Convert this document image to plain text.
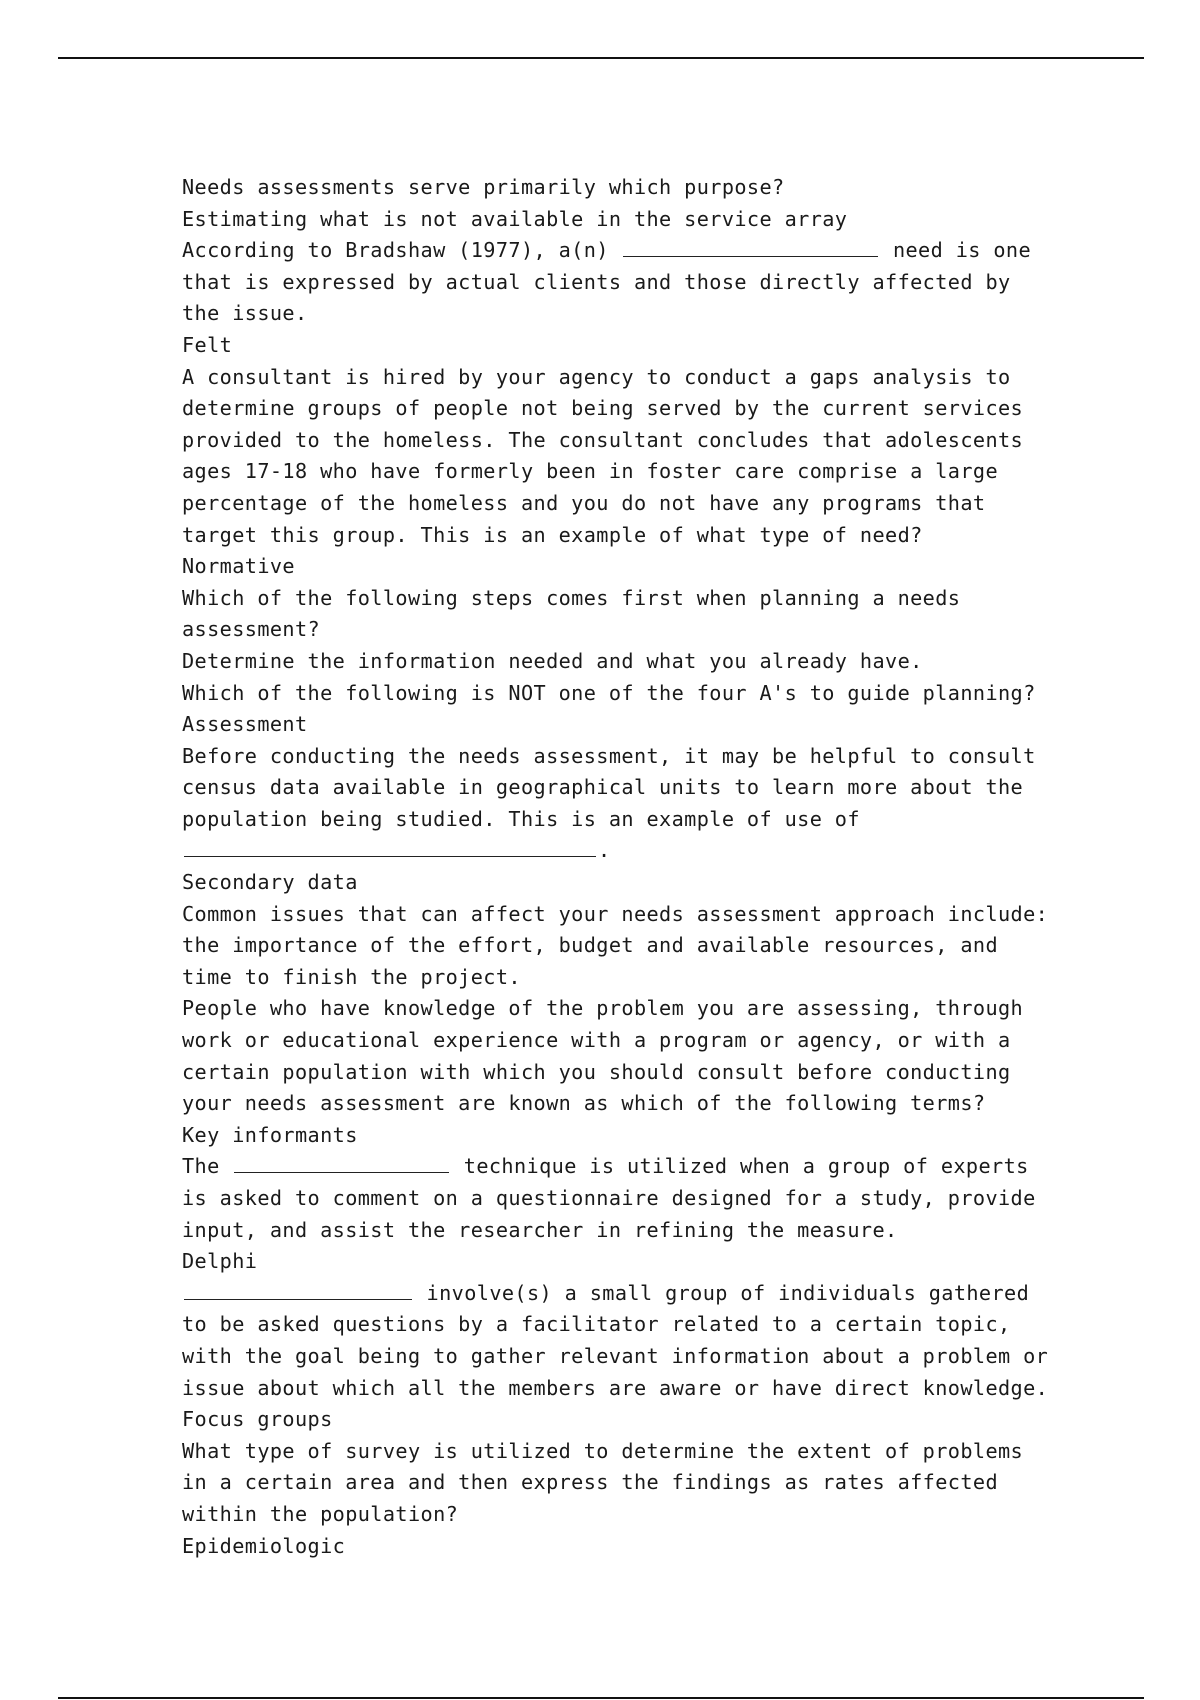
Needs assessments serve primarily which purpose?
Estimating what is not available in the service array
According to Bradshaw (1977), a(n)	need is one
that is expressed by actual clients and those directly affected by
the issue.
Felt
A consultant is hired by your agency to conduct a gaps analysis to
determine groups of people not being served by the current services
provided to the homeless. The consultant concludes that adolescents
ages 17-18 who have formerly been in foster care comprise a large
percentage of the homeless and you do not have any programs that
target this group. This is an example of what type of need?
Normative
Which of the following steps comes first when planning a needs
assessment?
Determine the information needed and what you already have.
Which of the following is NOT one of the four A's to guide planning?
Assessment
Before conducting the needs assessment, it may be helpful to consult
census data available in geographical units to learn more about the
population being studied. This is an example of use of
.
Secondary data
Common issues that can affect your needs assessment approach include:
the importance of the effort, budget and available resources, and
time to finish the project.
People who have knowledge of the problem you are assessing, through
work or educational experience with a program or agency, or with a
certain population with which you should consult before conducting
your needs assessment are known as which of the following terms?
Key informants
The	technique is utilized when a group of experts
is asked to comment on a questionnaire designed for a study, provide
input, and assist the researcher in refining the measure.
Delphi
involve(s) a small group of individuals gathered
to be asked questions by a facilitator related to a certain topic,
with the goal being to gather relevant information about a problem or
issue about which all the members are aware or have direct knowledge.
Focus groups
What type of survey is utilized to determine the extent of problems
in a certain area and then express the findings as rates affected
within the population?
Epidemiologic
